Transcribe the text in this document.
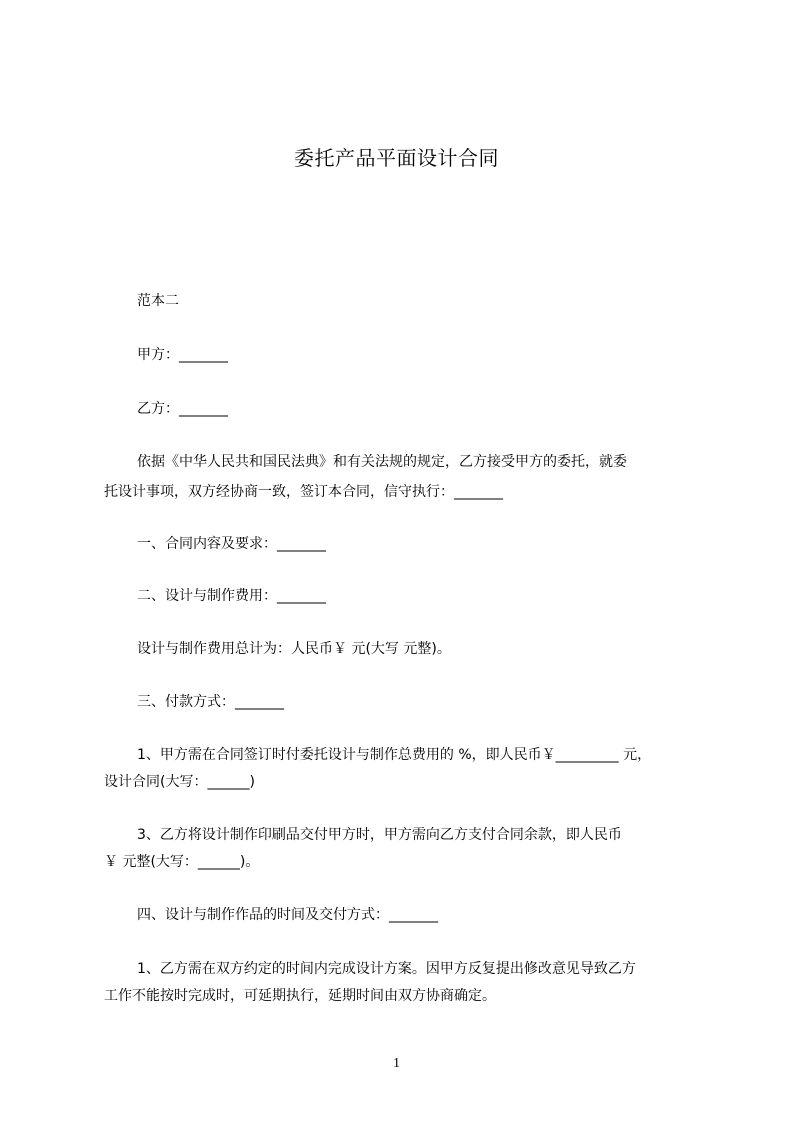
委托产品平面设计合同
范本二
甲方：_______
乙方：_______
依据《中华人民共和国民法典》和有关法规的规定，乙方接受甲方的委托，就委
托设计事项，双方经协商一致，签订本合同，信守执行：_______
一、合同内容及要求：_______
二、设计与制作费用：_______
设计与制作费用总计为：人民币￥ 元(大写 元整)。
三、付款方式：_______
1、甲方需在合同签订时付委托设计与制作总费用的 %，即人民币￥_________ 元，
设计合同(大写：______)
3、乙方将设计制作印刷品交付甲方时，甲方需向乙方支付合同余款，即人民币
￥ 元整(大写：______)。
四、设计与制作作品的时间及交付方式：_______
1、乙方需在双方约定的时间内完成设计方案。因甲方反复提出修改意见导致乙方
工作不能按时完成时，可延期执行，延期时间由双方协商确定。
1
